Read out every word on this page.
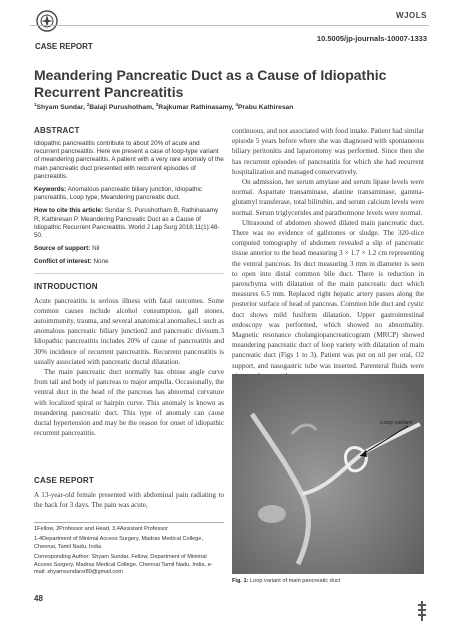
WJOLS
10.5005/jp-journals-10007-1333
CASE REPORT
Meandering Pancreatic Duct as a Cause of Idiopathic Recurrent Pancreatitis
$^1$Shyam Sundar, $^2$Balaji Purushotham, $^3$Rajkumar Rathinasamy, $^4$Prabu Kathiresan
ABSTRACT

Idiopathic pancreatitis contribute to about 20% of acute and recurrent pancreatitis. Here we present a case of loop-type variant of meandering pancreatitis. A patient with a very rare anomaly of the main pancreatic duct presented with recurrent episodes of pancreatitis.

Keywords: Anomalous pancreatic biliary junction, Idiopathic pancreatitis, Loop type, Meandering pancreatic duct.

How to cite this article: Sundar S, Purushotham B, Rathinasamy R, Kathiresan P. Meandering Pancreatic Duct as a Cause of Idiopathic Recurrent Pancreatitis. World J Lap Surg 2018;11(1):48-50.

Source of support: Nil

Conflict of interest: None

INTRODUCTION

Acute pancreatitis is serious illness with fatal outcomes. Some common causes include alcohol consumption, gall stones, autoimmunity, trauma, and several anatomical anomalies,1 such as anomalous pancreatic biliary junction2 and pancreatic divisum.3 Idiopathic pancreatitis includes 20% of cause of pancreatitis and 30% incidence of recurrent pancreatitis. Recurrent pancreatitis is usually associated with pancreatic ductal dilatation.

The main pancreatic duct normally has obtuse angle curve from tail and body of pancreas to major ampulla. Occasionally, the ventral duct in the head of the pancreas has abnormal curvature with localized spiral or hairpin curve. This anomaly is known as meandering pancreatic duct. This type of anomaly can cause ductal hypertension and may be the reason for onset of idiopathic recurrent pancreatitis.

CASE REPORT

A 13-year-old female presented with abdominal pain radiating to the back for 3 days. The pain was acute,

1Fellow, 2Professor and Head, 3,4Assistant Professor

1-4Department of Minimal Access Surgery, Madras Medical College, Chennai, Tamil Nadu, India

Corresponding Author: Shyam Sundar, Fellow, Department of Minimal Access Surgery, Madras Medical College, Chennai Tamil Nadu, India, e-mail: shyamsundarsr89@gmail.com

48

continuous, and not associated with food intake. Patient had similar episode 5 years before where she was diagnosed with spontaneous biliary peritonitis and laparostomy was performed. Since then she has recurrent episodes of pancreatitis for which she had recurrent hospitalization and managed conservatively.

On admission, her serum amylase and serum lipase levels were normal. Aspartate transaminase, alanine transaminase, gamma-glutamyl transferase, total bilirubin, and serum calcium levels were normal. Serum triglycerides and parathormone levels were normal.

Ultrasound of abdomen showed dilated main pancreatic duct. There was no evidence of gallstones or sludge. The 320-slice computed tomography of abdomen revealed a slip of pancreatic tissue anterior to the head measuring 3 × 1.7 × 1.2 cm representing the ventral pancreas. Its duct measuring 3 mm in diameter is seen to open into distal common bile duct. There is reduction in parenchyma with dilatation of the main pancreatic duct which measures 6.5 mm. Replaced right hepatic artery passes along the posterior surface of head of pancreas. Common bile duct and cystic duct shows mild fusiform dilatation. Upper gastrointestinal endoscopy was performed, which showed no abnormality. Magnetic resonance cholangiopancreaticogram (MRCP) showed meandering pancreatic duct of loop variety with dilatation of main pancreatic duct (Figs 1 to 3). Patient was put on nil per oral, O2 support, and nasogastric tube was inserted. Parenteral fluids were

Loop variant
Fig. 1: Loop variant of main pancreatic duct
